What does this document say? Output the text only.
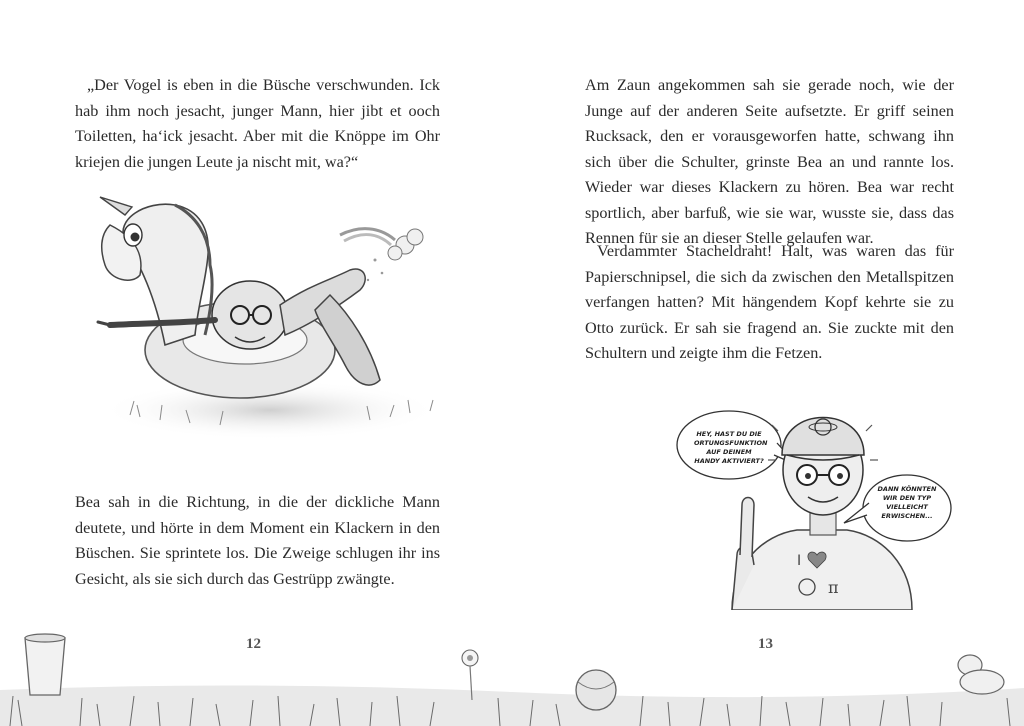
„Der Vogel is eben in die Büsche verschwunden. Ick hab ihm noch jesacht, junger Mann, hier jibt et ooch Toiletten, ha‘ick jesacht. Aber mit die Knöppe im Ohr kriejen die jungen Leute ja nischt mit, wa?“

Bea sah in die Richtung, in die der dickliche Mann deutete, und hörte in dem Moment ein Klackern in den Büschen. Sie sprintete los. Die Zweige schlugen ihr ins Gesicht, als sie sich durch das Gestrüpp zwängte.

12

Am Zaun angekommen sah sie gerade noch, wie der Junge auf der anderen Seite aufsetzte. Er griff seinen Rucksack, den er vorausgeworfen hatte, schwang ihn sich über die Schulter, grinste Bea an und rannte los. Wieder war dieses Klackern zu hören. Bea war recht sportlich, aber barfuß, wie sie war, wusste sie, dass das Rennen für sie an dieser Stelle gelaufen war.

Verdammter Stacheldraht! Halt, was waren das für Papierschnipsel, die sich da zwischen den Metallspitzen verfangen hatten? Mit hängendem Kopf kehrte sie zu Otto zurück. Er sah sie fragend an. Sie zuckte mit den Schultern und zeigte ihm die Fetzen.

I
π
HEY, HAST DU DIE ORTUNGSFUNKTION AUF DEINEM HANDY AKTIVIERT?
DANN KÖNNTEN WIR DEN TYP VIELLEICHT ERWISCHEN...
13
